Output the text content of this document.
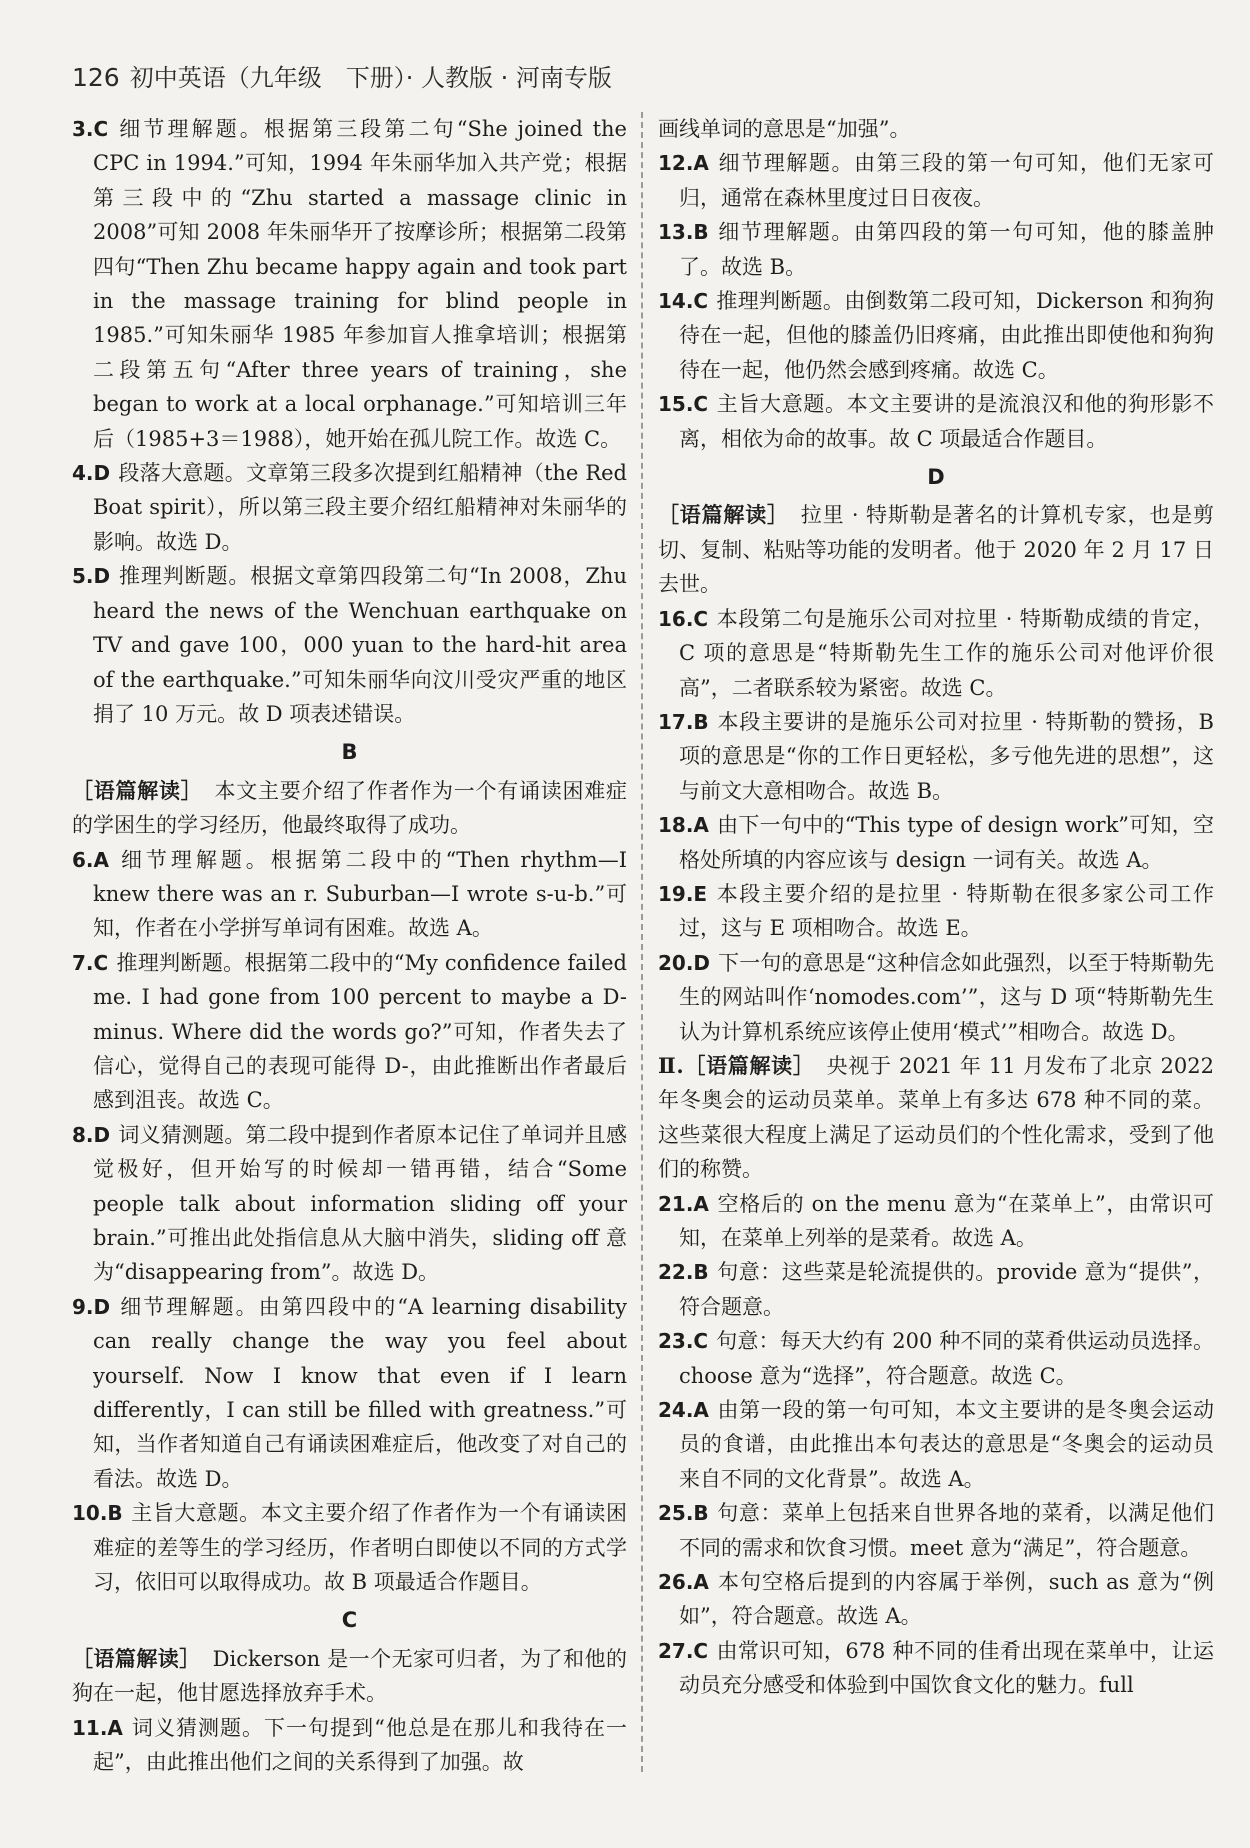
126 初中英语（九年级　下册）· 人教版 · 河南专版

3.C 细节理解题。根据第三段第二句“She joined the CPC in 1994.”可知，1994 年朱丽华加入共产党；根据第三段中的“Zhu started a massage clinic in 2008”可知 2008 年朱丽华开了按摩诊所；根据第二段第四句“Then Zhu became happy again and took part in the massage training for blind people in 1985.”可知朱丽华 1985 年参加盲人推拿培训；根据第二段第五句“After three years of training，she began to work at a local orphanage.”可知培训三年后（1985+3＝1988），她开始在孤儿院工作。故选 C。

4.D 段落大意题。文章第三段多次提到红船精神（the Red Boat spirit），所以第三段主要介绍红船精神对朱丽华的影响。故选 D。

5.D 推理判断题。根据文章第四段第二句“In 2008，Zhu heard the news of the Wenchuan earthquake on TV and gave 100，000 yuan to the hard-hit area of the earthquake.”可知朱丽华向汶川受灾严重的地区捐了 10 万元。故 D 项表述错误。

B

［语篇解读］ 本文主要介绍了作者作为一个有诵读困难症的学困生的学习经历，他最终取得了成功。

6.A 细节理解题。根据第二段中的“Then rhythm—I knew there was an r. Suburban—I wrote s-u-b.”可知，作者在小学拼写单词有困难。故选 A。

7.C 推理判断题。根据第二段中的“My confidence failed me. I had gone from 100 percent to maybe a D-minus. Where did the words go?”可知，作者失去了信心，觉得自己的表现可能得 D-，由此推断出作者最后感到沮丧。故选 C。

8.D 词义猜测题。第二段中提到作者原本记住了单词并且感觉极好，但开始写的时候却一错再错，结合“Some people talk about information sliding off your brain.”可推出此处指信息从大脑中消失，sliding off 意为“disappearing from”。故选 D。

9.D 细节理解题。由第四段中的“A learning disability can really change the way you feel about yourself. Now I know that even if I learn differently，I can still be filled with greatness.”可知，当作者知道自己有诵读困难症后，他改变了对自己的看法。故选 D。

10.B 主旨大意题。本文主要介绍了作者作为一个有诵读困难症的差等生的学习经历，作者明白即使以不同的方式学习，依旧可以取得成功。故 B 项最适合作题目。

C

［语篇解读］ Dickerson 是一个无家可归者，为了和他的狗在一起，他甘愿选择放弃手术。

11.A 词义猜测题。下一句提到“他总是在那儿和我待在一起”，由此推出他们之间的关系得到了加强。故

画线单词的意思是“加强”。

12.A 细节理解题。由第三段的第一句可知，他们无家可归，通常在森林里度过日日夜夜。

13.B 细节理解题。由第四段的第一句可知，他的膝盖肿了。故选 B。

14.C 推理判断题。由倒数第二段可知，Dickerson 和狗狗待在一起，但他的膝盖仍旧疼痛，由此推出即使他和狗狗待在一起，他仍然会感到疼痛。故选 C。

15.C 主旨大意题。本文主要讲的是流浪汉和他的狗形影不离，相依为命的故事。故 C 项最适合作题目。

D

［语篇解读］ 拉里 · 特斯勒是著名的计算机专家，也是剪切、复制、粘贴等功能的发明者。他于 2020 年 2 月 17 日去世。

16.C 本段第二句是施乐公司对拉里 · 特斯勒成绩的肯定，C 项的意思是“特斯勒先生工作的施乐公司对他评价很高”，二者联系较为紧密。故选 C。

17.B 本段主要讲的是施乐公司对拉里 · 特斯勒的赞扬，B 项的意思是“你的工作日更轻松，多亏他先进的思想”，这与前文大意相吻合。故选 B。

18.A 由下一句中的“This type of design work”可知，空格处所填的内容应该与 design 一词有关。故选 A。

19.E 本段主要介绍的是拉里 · 特斯勒在很多家公司工作过，这与 E 项相吻合。故选 E。

20.D 下一句的意思是“这种信念如此强烈，以至于特斯勒先生的网站叫作‘nomodes.com’”，这与 D 项“特斯勒先生认为计算机系统应该停止使用‘模式’”相吻合。故选 D。

Ⅱ.［语篇解读］ 央视于 2021 年 11 月发布了北京 2022 年冬奥会的运动员菜单。菜单上有多达 678 种不同的菜。这些菜很大程度上满足了运动员们的个性化需求，受到了他们的称赞。

21.A 空格后的 on the menu 意为“在菜单上”，由常识可知，在菜单上列举的是菜肴。故选 A。

22.B 句意：这些菜是轮流提供的。provide 意为“提供”，符合题意。

23.C 句意：每天大约有 200 种不同的菜肴供运动员选择。choose 意为“选择”，符合题意。故选 C。

24.A 由第一段的第一句可知，本文主要讲的是冬奥会运动员的食谱，由此推出本句表达的意思是“冬奥会的运动员来自不同的文化背景”。故选 A。

25.B 句意：菜单上包括来自世界各地的菜肴，以满足他们不同的需求和饮食习惯。meet 意为“满足”，符合题意。

26.A 本句空格后提到的内容属于举例，such as 意为“例如”，符合题意。故选 A。

27.C 由常识可知，678 种不同的佳肴出现在菜单中，让运动员充分感受和体验到中国饮食文化的魅力。full
